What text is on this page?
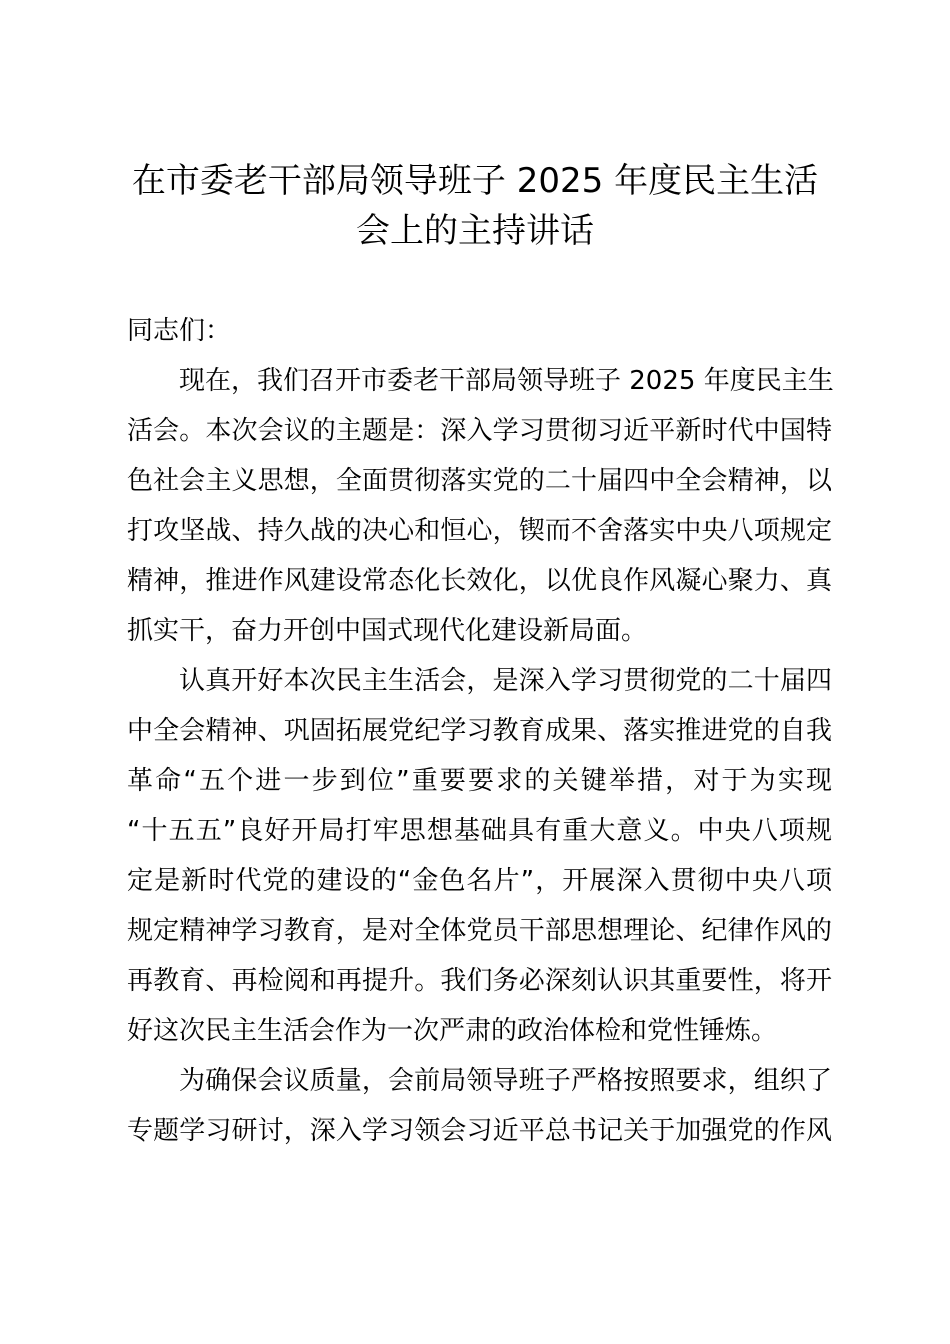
在市委老干部局领导班子 2025 年度民主生活
会上的主持讲话
同志们：
现在，我们召开市委老干部局领导班子 2025 年度民主生
活会。本次会议的主题是：深入学习贯彻习近平新时代中国特
色社会主义思想，全面贯彻落实党的二十届四中全会精神，以
打攻坚战、持久战的决心和恒心，锲而不舍落实中央八项规定
精神，推进作风建设常态化长效化，以优良作风凝心聚力、真
抓实干，奋力开创中国式现代化建设新局面。
认真开好本次民主生活会，是深入学习贯彻党的二十届四
中全会精神、巩固拓展党纪学习教育成果、落实推进党的自我
革命“五个进一步到位”重要要求的关键举措，对于为实现
“十五五”良好开局打牢思想基础具有重大意义。中央八项规
定是新时代党的建设的“金色名片”，开展深入贯彻中央八项
规定精神学习教育，是对全体党员干部思想理论、纪律作风的
再教育、再检阅和再提升。我们务必深刻认识其重要性，将开
好这次民主生活会作为一次严肃的政治体检和党性锤炼。
为确保会议质量，会前局领导班子严格按照要求，组织了
专题学习研讨，深入学习领会习近平总书记关于加强党的作风
